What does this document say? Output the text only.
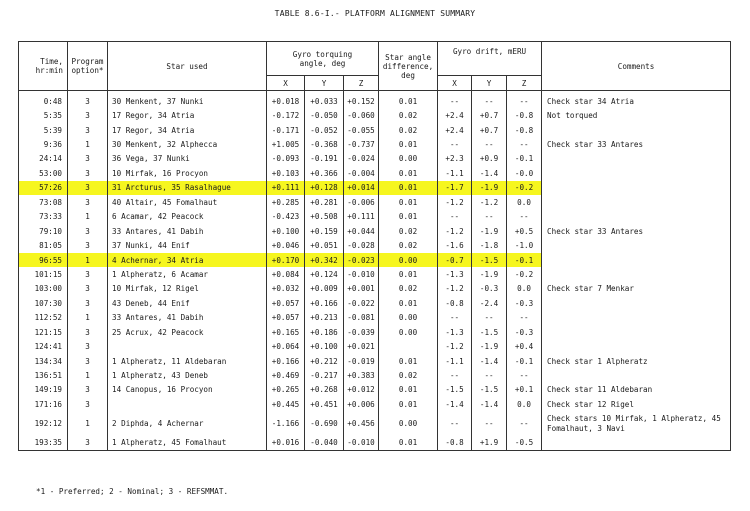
TABLE 8.6-I.- PLATFORM ALIGNMENT SUMMARY
Time, hr:min	Program option*	Star used	Gyro torquing angle, deg			Star angle difference, deg	Gyro drift, mERU			Comments
			X	Y	Z		X	Y	Z	
0:48	3	30 Menkent, 37 Nunki	+0.018	+0.033	+0.152	0.01	--	--	--	Check star 34 Atria
5:35	3	17 Regor, 34 Atria	-0.172	-0.050	-0.060	0.02	+2.4	+0.7	-0.8	Not torqued
5:39	3	17 Regor, 34 Atria	-0.171	-0.052	-0.055	0.02	+2.4	+0.7	-0.8	
9:36	1	30 Menkent, 32 Alphecca	+1.005	-0.368	-0.737	0.01	--	--	--	Check star 33 Antares
24:14	3	36 Vega, 37 Nunki	-0.093	-0.191	-0.024	0.00	+2.3	+0.9	-0.1	
53:00	3	10 Mirfak, 16 Procyon	+0.103	+0.366	-0.004	0.01	-1.1	-1.4	-0.0	
57:26	3	31 Arcturus, 35 Rasalhague	+0.111	+0.128	+0.014	0.01	-1.7	-1.9	-0.2	
73:08	3	40 Altair, 45 Fomalhaut	+0.285	+0.281	-0.006	0.01	-1.2	-1.2	0.0	
73:33	1	6 Acamar, 42 Peacock	-0.423	+0.508	+0.111	0.01	--	--	--	
79:10	3	33 Antares, 41 Dabih	+0.100	+0.159	+0.044	0.02	-1.2	-1.9	+0.5	Check star 33 Antares
81:05	3	37 Nunki, 44 Enif	+0.046	+0.051	-0.028	0.02	-1.6	-1.8	-1.0	
96:55	1	4 Achernar, 34 Atria	+0.170	+0.342	-0.023	0.00	-0.7	-1.5	-0.1	
101:15	3	1 Alpheratz, 6 Acamar	+0.084	+0.124	-0.010	0.01	-1.3	-1.9	-0.2	
103:00	3	10 Mirfak, 12 Rigel	+0.032	+0.009	+0.001	0.02	-1.2	-0.3	0.0	Check star 7 Menkar
107:30	3	43 Deneb, 44 Enif	+0.057	+0.166	-0.022	0.01	-0.8	-2.4	-0.3	
112:52	1	33 Antares, 41 Dabih	+0.057	+0.213	-0.081	0.00	--	--	--	
121:15	3	25 Acrux, 42 Peacock	+0.165	+0.186	-0.039	0.00	-1.3	-1.5	-0.3	
124:41	3		+0.064	+0.100	+0.021		-1.2	-1.9	+0.4	
134:34	3	1 Alpheratz, 11 Aldebaran	+0.166	+0.212	-0.019	0.01	-1.1	-1.4	-0.1	Check star 1 Alpheratz
136:51	1	1 Alpheratz, 43 Deneb	+0.469	-0.217	+0.383	0.02	--	--	--	
149:19	3	14 Canopus, 16 Procyon	+0.265	+0.268	+0.012	0.01	-1.5	-1.5	+0.1	Check star 11 Aldebaran
171:16	3		+0.445	+0.451	+0.006	0.01	-1.4	-1.4	0.0	Check star 12 Rigel
192:12	1	2 Diphda, 4 Achernar	-1.166	-0.690	+0.456	0.00	--	--	--	Check stars 10 Mirfak, 1 Alpheratz, 45 Fomalhaut, 3 Navi
193:35	3	1 Alpheratz, 45 Fomalhaut	+0.016	-0.040	-0.010	0.01	-0.8	+1.9	-0.5	
*1 - Preferred; 2 - Nominal; 3 - REFSMMAT.
